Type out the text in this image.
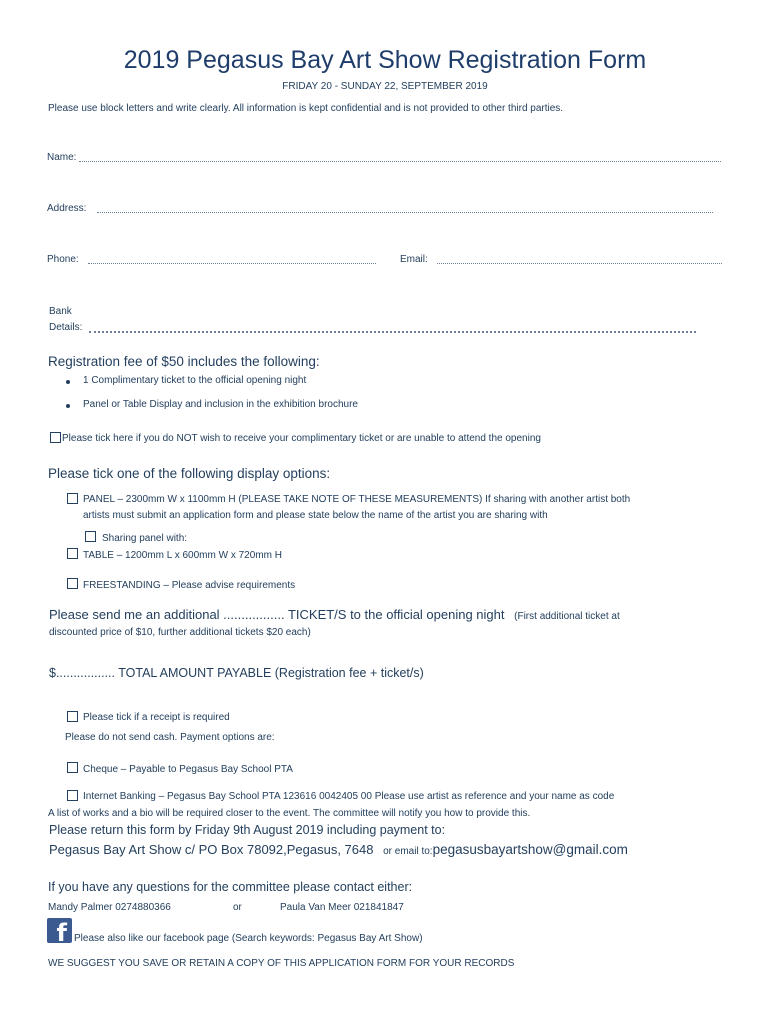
2019 Pegasus Bay Art Show Registration Form
FRIDAY 20 - SUNDAY 22, SEPTEMBER 2019
Please use block letters and write clearly. All information is kept confidential and is not provided to other third parties.
Name:
Address:
Phone:	Email:
Bank
Details:
Registration fee of $50 includes the following:
1 Complimentary ticket to the official opening night
Panel or Table Display and inclusion in the exhibition brochure
Please tick here if you do NOT wish to receive your complimentary ticket or are unable to attend the opening
Please tick one of the following display options:
PANEL – 2300mm W x 1100mm H (PLEASE TAKE NOTE OF THESE MEASUREMENTS) If sharing with another artist both
artists must submit an application form and please state below the name of the artist you are sharing with
Sharing panel with:
TABLE – 1200mm L x 600mm W x 720mm H
FREESTANDING – Please advise requirements
Please send me an additional ................. TICKET/S to the official opening night (First additional ticket at
discounted price of $10, further additional tickets $20 each)
$................. TOTAL AMOUNT PAYABLE (Registration fee + ticket/s)
Please tick if a receipt is required
Please do not send cash. Payment options are:
Cheque – Payable to Pegasus Bay School PTA
Internet Banking – Pegasus Bay School PTA 123616 0042405 00 Please use artist as reference and your name as code
A list of works and a bio will be required closer to the event. The committee will notify you how to provide this.
Please return this form by Friday 9th August 2019 including payment to:
Pegasus Bay Art Show c/ PO Box 78092,Pegasus, 7648 or email to:pegasusbayartshow@gmail.com
If you have any questions for the committee please contact either:
Mandy Palmer 0274880366	or	Paula Van Meer 021841847
f Please also like our facebook page (Search keywords: Pegasus Bay Art Show)
WE SUGGEST YOU SAVE OR RETAIN A COPY OF THIS APPLICATION FORM FOR YOUR RECORDS
